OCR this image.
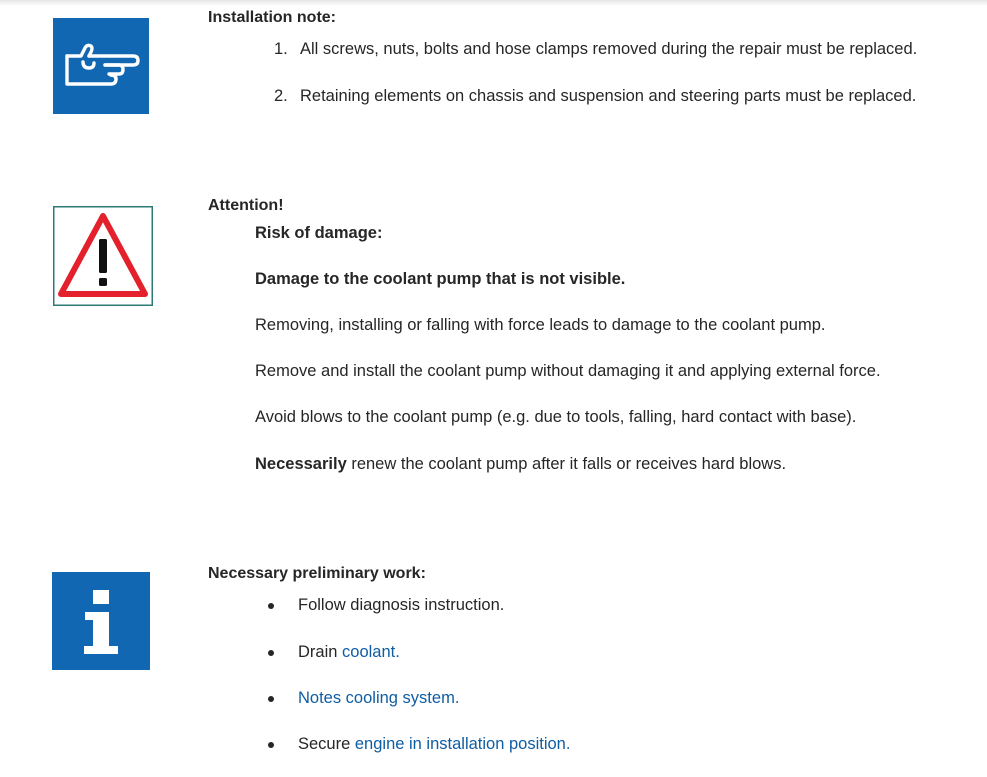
Installation note:
1. All screws, nuts, bolts and hose clamps removed during the repair must be replaced.
2. Retaining elements on chassis and suspension and steering parts must be replaced.
Attention!
Risk of damage:
Damage to the coolant pump that is not visible.
Removing, installing or falling with force leads to damage to the coolant pump.
Remove and install the coolant pump without damaging it and applying external force.
Avoid blows to the coolant pump (e.g. due to tools, falling, hard contact with base).
Necessarily renew the coolant pump after it falls or receives hard blows.
Necessary preliminary work:
Follow diagnosis instruction.
Drain coolant.
Notes cooling system.
Secure engine in installation position.
